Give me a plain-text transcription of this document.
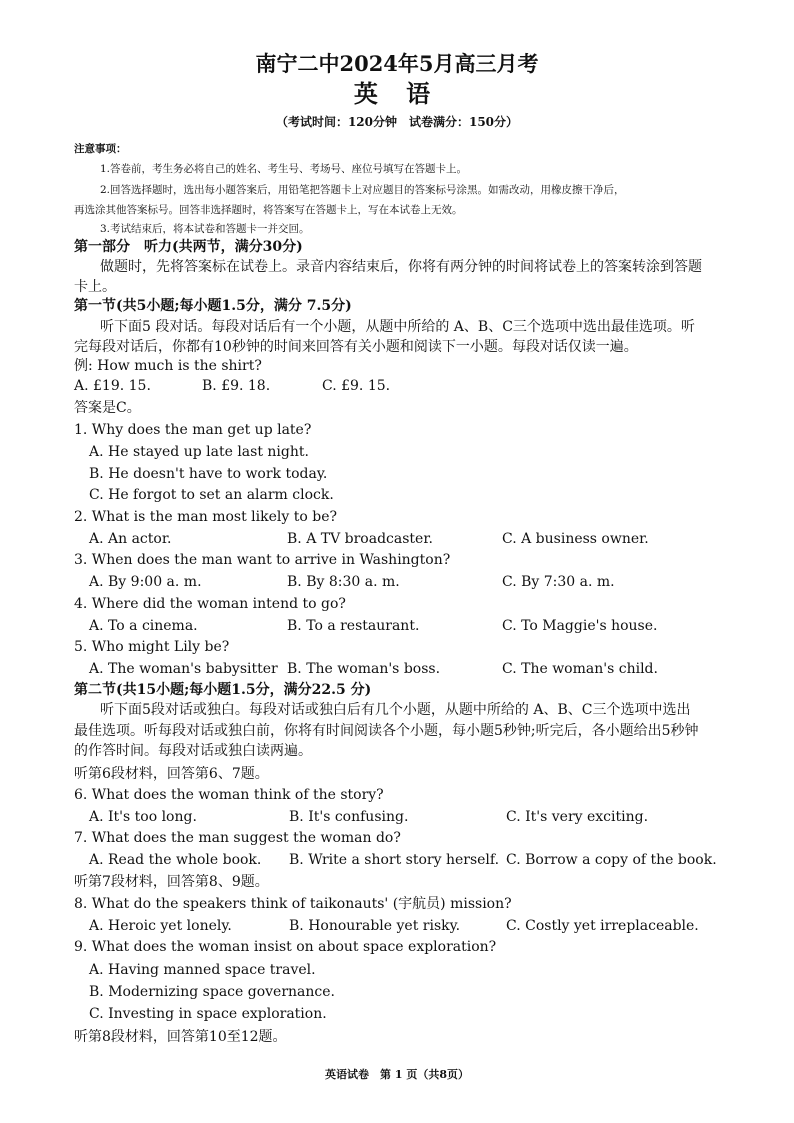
南宁二中2024年5月高三月考
英 语
（考试时间：120分钟　试卷满分：150分）
注意事项：
1.答卷前，考生务必将自己的姓名、考生号、考场号、座位号填写在答题卡上。
2.回答选择题时，选出每小题答案后，用铅笔把答题卡上对应题目的答案标号涂黑。如需改动，用橡皮擦干净后，
再选涂其他答案标号。回答非选择题时，将答案写在答题卡上，写在本试卷上无效。
3.考试结束后，将本试卷和答题卡一并交回。
第一部分　听力(共两节，满分30分)
做题时，先将答案标在试卷上。录音内容结束后，你将有两分钟的时间将试卷上的答案转涂到答题
卡上。
第一节(共5小题;每小题1.5分，满分 7.5分)
听下面5 段对话。每段对话后有一个小题，从题中所给的 A、B、C三个选项中选出最佳选项。听
完每段对话后，你都有10秒钟的时间来回答有关小题和阅读下一小题。每段对话仅读一遍。
例: How much is the shirt?
A. £19. 15.	B. £9. 18.	C. £9. 15.
答案是C。
1. Why does the man get up late?
A. He stayed up late last night.
B. He doesn't have to work today.
C. He forgot to set an alarm clock.
2. What is the man most likely to be?
A. An actor.	B. A TV broadcaster.	C. A business owner.
3. When does the man want to arrive in Washington?
A. By 9:00 a. m.	B. By 8:30 a. m.	C. By 7:30 a. m.
4. Where did the woman intend to go?
A. To a cinema.	B. To a restaurant.	C. To Maggie's house.
5. Who might Lily be?
A. The woman's babysitter B. The woman's boss.	C. The woman's child.
第二节(共15小题;每小题1.5分，满分22.5 分)
听下面5段对话或独白。每段对话或独白后有几个小题，从题中所给的 A、B、C三个选项中选出
最佳选项。听每段对话或独白前，你将有时间阅读各个小题，每小题5秒钟;听完后，各小题给出5秒钟
的作答时间。每段对话或独白读两遍。
听第6段材料，回答第6、7题。
6. What does the woman think of the story?
A. It's too long.	B. It's confusing.	C. It's very exciting.
7. What does the man suggest the woman do?
A. Read the whole book. B. Write a short story herself. C. Borrow a copy of the book.
听第7段材料，回答第8、9题。
8. What do the speakers think of taikonauts' (宇航员) mission?
A. Heroic yet lonely.	B. Honourable yet risky.	C. Costly yet irreplaceable.
9. What does the woman insist on about space exploration?
A. Having manned space travel.
B. Modernizing space governance.
C. Investing in space exploration.
听第8段材料，回答第10至12题。
英语试卷　第 1 页（共8页）
